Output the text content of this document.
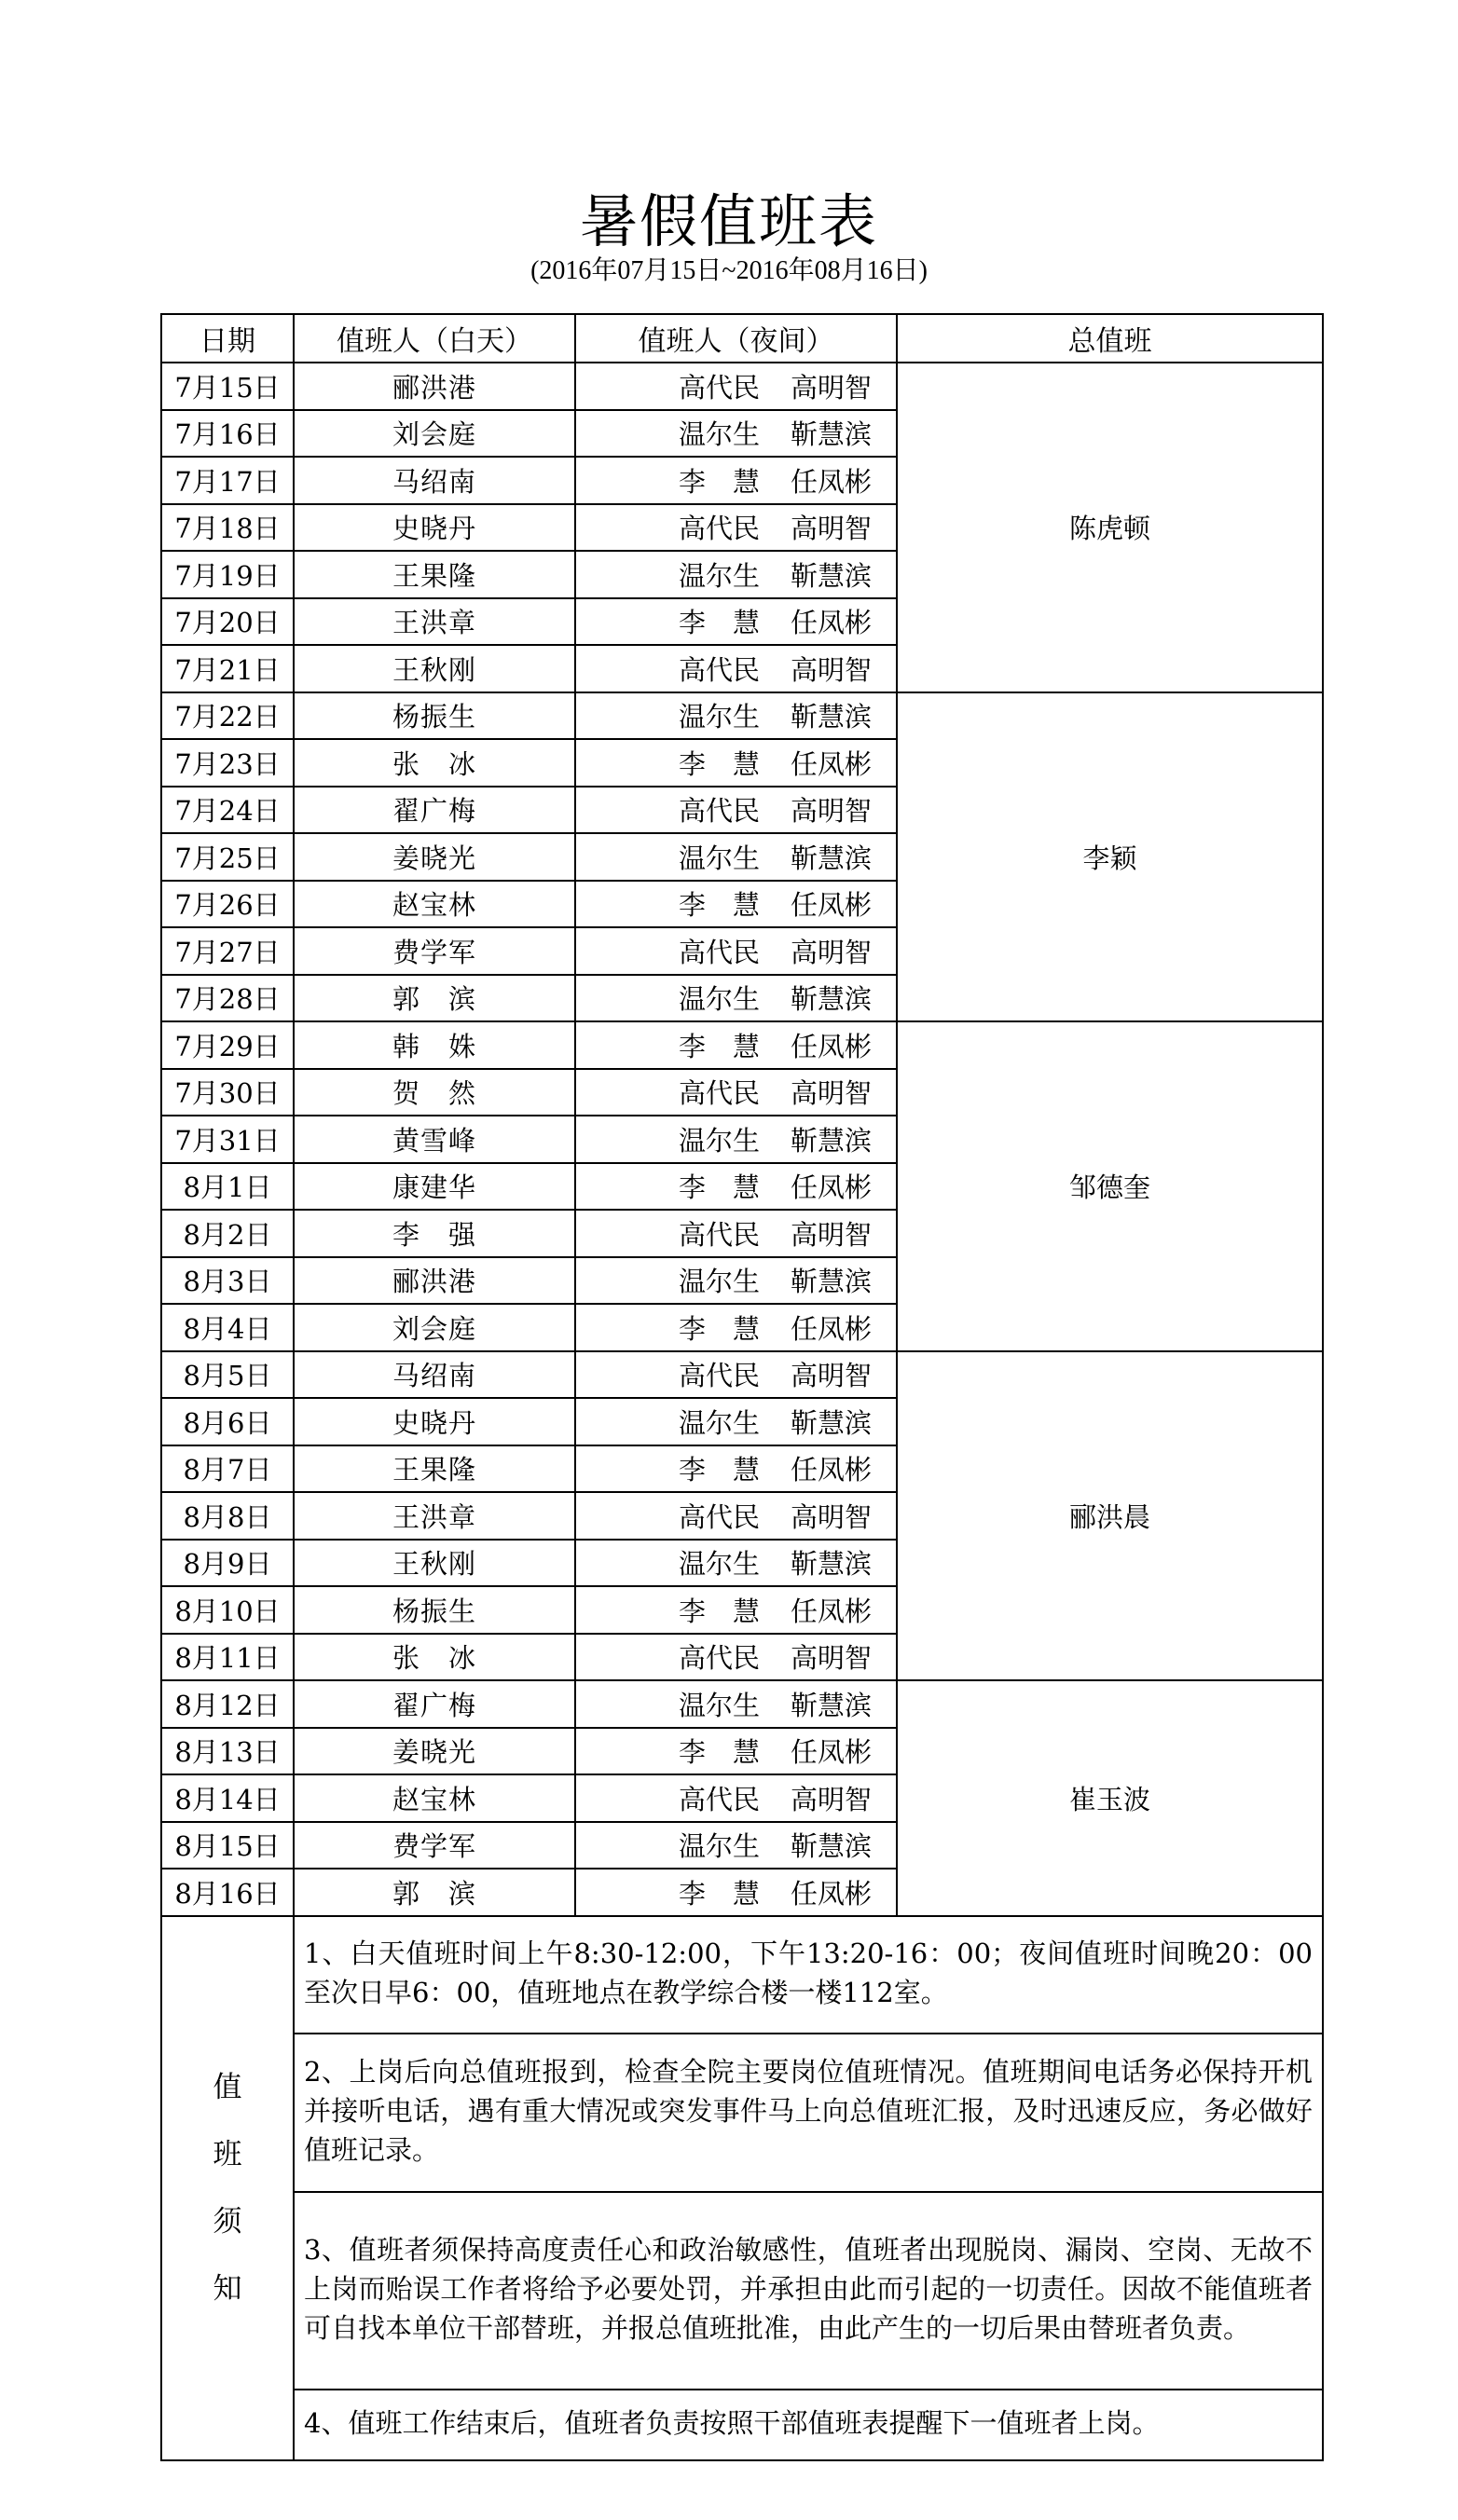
暑假值班表
(2016年07月15日~2016年08月16日)
日期	值班人（白天）	值班人（夜间）	总值班
7月15日	郦洪港	高代民 高明智	陈虎顿
7月16日	刘会庭	温尔生 靳慧滨	
7月17日	马绍南	李　慧 任凤彬	
7月18日	史晓丹	高代民 高明智	
7月19日	王果隆	温尔生 靳慧滨	
7月20日	王洪章	李　慧 任凤彬	
7月21日	王秋刚	高代民 高明智	
7月22日	杨振生	温尔生 靳慧滨	李颖
7月23日	张　冰	李　慧 任凤彬	
7月24日	翟广梅	高代民 高明智	
7月25日	姜晓光	温尔生 靳慧滨	
7月26日	赵宝林	李　慧 任凤彬	
7月27日	费学军	高代民 高明智	
7月28日	郭　滨	温尔生 靳慧滨	
7月29日	韩　姝	李　慧 任凤彬	邹德奎
7月30日	贺　然	高代民 高明智	
7月31日	黄雪峰	温尔生 靳慧滨	
8月1日	康建华	李　慧 任凤彬	
8月2日	李　强	高代民 高明智	
8月3日	郦洪港	温尔生 靳慧滨	
8月4日	刘会庭	李　慧 任凤彬	
8月5日	马绍南	高代民 高明智	郦洪晨
8月6日	史晓丹	温尔生 靳慧滨	
8月7日	王果隆	李　慧 任凤彬	
8月8日	王洪章	高代民 高明智	
8月9日	王秋刚	温尔生 靳慧滨	
8月10日	杨振生	李　慧 任凤彬	
8月11日	张　冰	高代民 高明智	
8月12日	翟广梅	温尔生 靳慧滨	崔玉波
8月13日	姜晓光	李　慧 任凤彬	
8月14日	赵宝林	高代民 高明智	
8月15日	费学军	温尔生 靳慧滨	
8月16日	郭　滨	李　慧 任凤彬	

值
班
须
知	1、白天值班时间上午8:30-12:00，下午13:20-16：00；夜间值班时间晚20：00至次日早6：00，值班地点在教学综合楼一楼112室。		
	2、上岗后向总值班报到，检查全院主要岗位值班情况。值班期间电话务必保持开机并接听电话，遇有重大情况或突发事件马上向总值班汇报，及时迅速反应，务必做好值班记录。		
	3、值班者须保持高度责任心和政治敏感性，值班者出现脱岗、漏岗、空岗、无故不上岗而贻误工作者将给予必要处罚，并承担由此而引起的一切责任。因故不能值班者可自找本单位干部替班，并报总值班批准，由此产生的一切后果由替班者负责。		
	4、值班工作结束后，值班者负责按照干部值班表提醒下一值班者上岗。		
